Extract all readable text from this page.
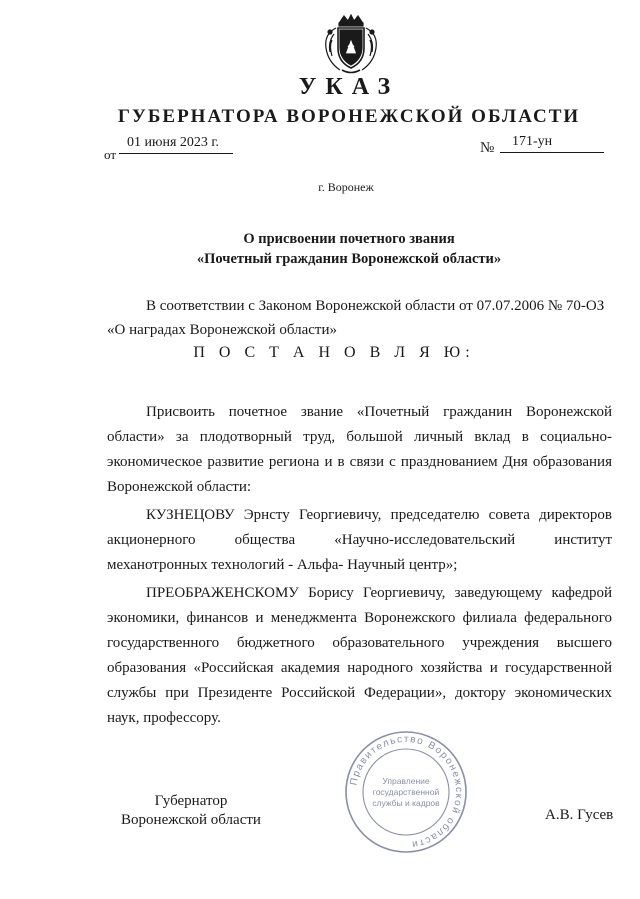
УКАЗ
ГУБЕРНАТОРА ВОРОНЕЖСКОЙ ОБЛАСТИ
от
01 июня 2023 г.	№	171-ун
г. Воронеж
О присвоении почетного звания
«Почетный гражданин Воронежской области»
В соответствии с Законом Воронежской области от 07.07.2006 № 70-ОЗ
«О наградах Воронежской области»
П О С Т А Н О В Л Я Ю:
Присвоить почетное звание «Почетный гражданин Воронежской
области» за плодотворный труд, большой личный вклад в социально-
экономическое развитие региона и в связи с празднованием Дня образования
Воронежской области:
КУЗНЕЦОВУ Эрнсту Георгиевичу, председателю совета директоров
акционерного общества «Научно-исследовательский институт
механотронных технологий - Альфа- Научный центр»;
ПРЕОБРАЖЕНСКОМУ Борису Георгиевичу, заведующему кафедрой
экономики, финансов и менеджмента Воронежского филиала федерального
государственного бюджетного образовательного учреждения высшего
образования «Российская академия народного хозяйства и государственной
службы при Президенте Российской Федерации», доктору экономических
наук, профессору.
Правительство Воронежской области
Управление
государственной
службы и кадров
Губернатор
Воронежской области	А.В. Гусев
